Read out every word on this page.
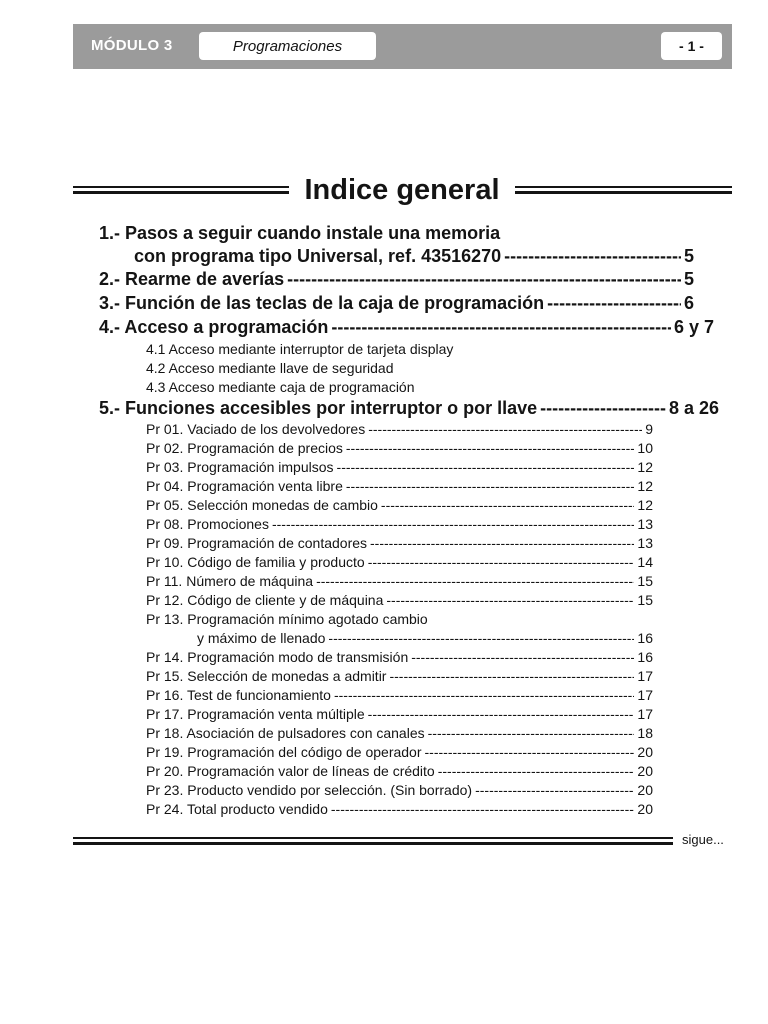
MÓDULO 3	Programaciones	- 1 -
Indice general
1.- Pasos a seguir cuando instale una memoria
con programa tipo Universal, ref. 43516270 -----	5
2.- Rearme de averías -----	5
3.- Función de las teclas de la caja de programación -----	6
4.- Acceso a programación -----	6 y 7
4.1 Acceso mediante interruptor de tarjeta display
4.2 Acceso mediante llave de seguridad
4.3 Acceso mediante caja de programación
5.- Funciones accesibles por interruptor o por llave -----	8 a 26
Pr 01. Vaciado de los devolvedores -----	9
Pr 02. Programación de precios -----	10
Pr 03. Programación impulsos -----	12
Pr 04. Programación venta libre -----	12
Pr 05. Selección monedas de cambio -----	12
Pr 08. Promociones -----	13
Pr 09. Programación de contadores -----	13
Pr 10. Código de familia y producto -----	14
Pr 11. Número de máquina -----	15
Pr 12. Código de cliente y de máquina -----	15
Pr 13. Programación mínimo agotado cambio
y máximo de llenado -----	16
Pr 14. Programación modo de transmisión -----	16
Pr 15. Selección de monedas a admitir -----	17
Pr 16. Test de funcionamiento -----	17
Pr 17. Programación venta múltiple -----	17
Pr 18. Asociación de pulsadores con canales -----	18
Pr 19. Programación del código de operador -----	20
Pr 20. Programación valor de líneas de crédito -----	20
Pr 23. Producto vendido por selección. (Sin borrado) -----	20
Pr 24. Total producto vendido -----	20
sigue...
